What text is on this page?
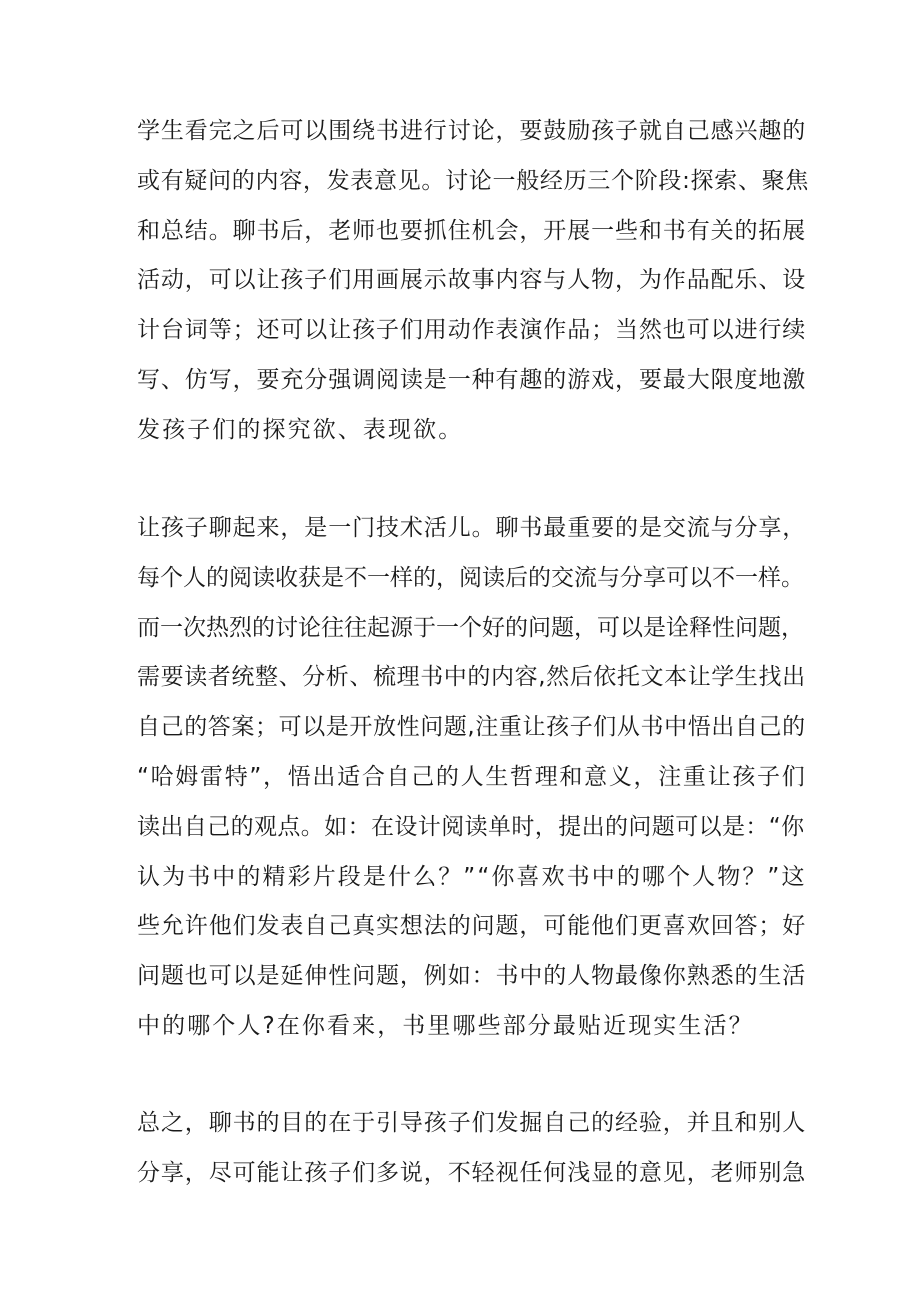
学生看完之后可以围绕书进行讨论，要鼓励孩子就自己感兴趣的
或有疑问的内容，发表意见。讨论一般经历三个阶段:探索、聚焦
和总结。聊书后，老师也要抓住机会，开展一些和书有关的拓展
活动，可以让孩子们用画展示故事内容与人物，为作品配乐、设
计台词等；还可以让孩子们用动作表演作品；当然也可以进行续
写、仿写，要充分强调阅读是一种有趣的游戏，要最大限度地激
发孩子们的探究欲、表现欲。
让孩子聊起来，是一门技术活儿。聊书最重要的是交流与分享，
每个人的阅读收获是不一样的，阅读后的交流与分享可以不一样。
而一次热烈的讨论往往起源于一个好的问题，可以是诠释性问题，
需要读者统整、分析、梳理书中的内容,然后依托文本让学生找出
自己的答案；可以是开放性问题,注重让孩子们从书中悟出自己的
“哈姆雷特”，悟出适合自己的人生哲理和意义，注重让孩子们
读出自己的观点。如：在设计阅读单时，提出的问题可以是：“你
认为书中的精彩片段是什么？”“你喜欢书中的哪个人物？”这
些允许他们发表自己真实想法的问题，可能他们更喜欢回答；好
问题也可以是延伸性问题，例如：书中的人物最像你熟悉的生活
中的哪个人?在你看来，书里哪些部分最贴近现实生活？
总之，聊书的目的在于引导孩子们发掘自己的经验，并且和别人
分享，尽可能让孩子们多说，不轻视任何浅显的意见，老师别急
